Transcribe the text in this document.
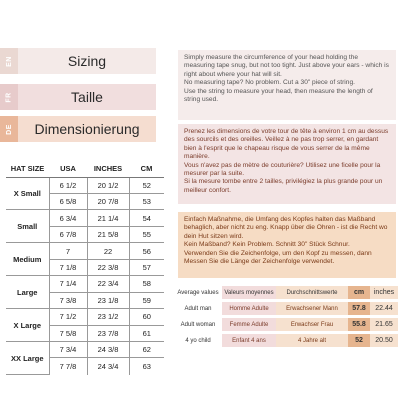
EN	Sizing
FR	Taille
DE	Dimensionierung
HAT SIZE	USA	INCHES	CM
X Small	6 1/2	20 1/2	52
	6 5/8	20 7/8	53
Small	6 3/4	21 1/4	54
	6 7/8	21 5/8	55
Medium	7	22	56
	7 1/8	22 3/8	57
Large	7 1/4	22 3/4	58
	7 3/8	23 1/8	59
X Large	7 1/2	23 1/2	60
	7 5/8	23 7/8	61
XX Large	7 3/4	24 3/8	62
	7 7/8	24 3/4	63

Simply measure the circumference of your head holding the measuring tape snug, but not too tight. Just above your ears - which is right about where your hat will sit.
No measuring tape? No problem. Cut a 30" piece of string.
Use the string to measure your head, then measure the length of string used.

Prenez les dimensions de votre tour de tête à environ 1 cm au dessus des sourcils et des oreilles. Veillez à ne pas trop serrer, en gardant bien à l'esprit que le chapeau risque de vous serrer de la même manière.
Vous n'avez pas de mètre de couturière? Utilisez une ficelle pour la mesurer par la suite.
Si la mesure tombe entre 2 tailles, privilégiez la plus grande pour un meilleur confort.

Einfach Maßnahme, die Umfang des Kopfes halten das Maßband behaglich, aber nicht zu eng. Knapp über die Ohren - ist die Recht wo dein Hut sitzen wird.
Kein Maßband? Kein Problem. Schnitt 30" Stück Schnur.
Verwenden Sie die Zeichenfolge, um den Kopf zu messen, dann Messen Sie die Länge der Zeichenfolge verwendet.

Average values	Valeurs moyennes	Durchschnittswerte	cm	inches
Adult man	Homme Adulte	Erwachsener Mann	57.8	22.44
Adult woman	Femme Adulte	Erwachser Frau	55.8	21.65
4 yo child	Enfant 4 ans	4 Jahre alt	52	20.50
